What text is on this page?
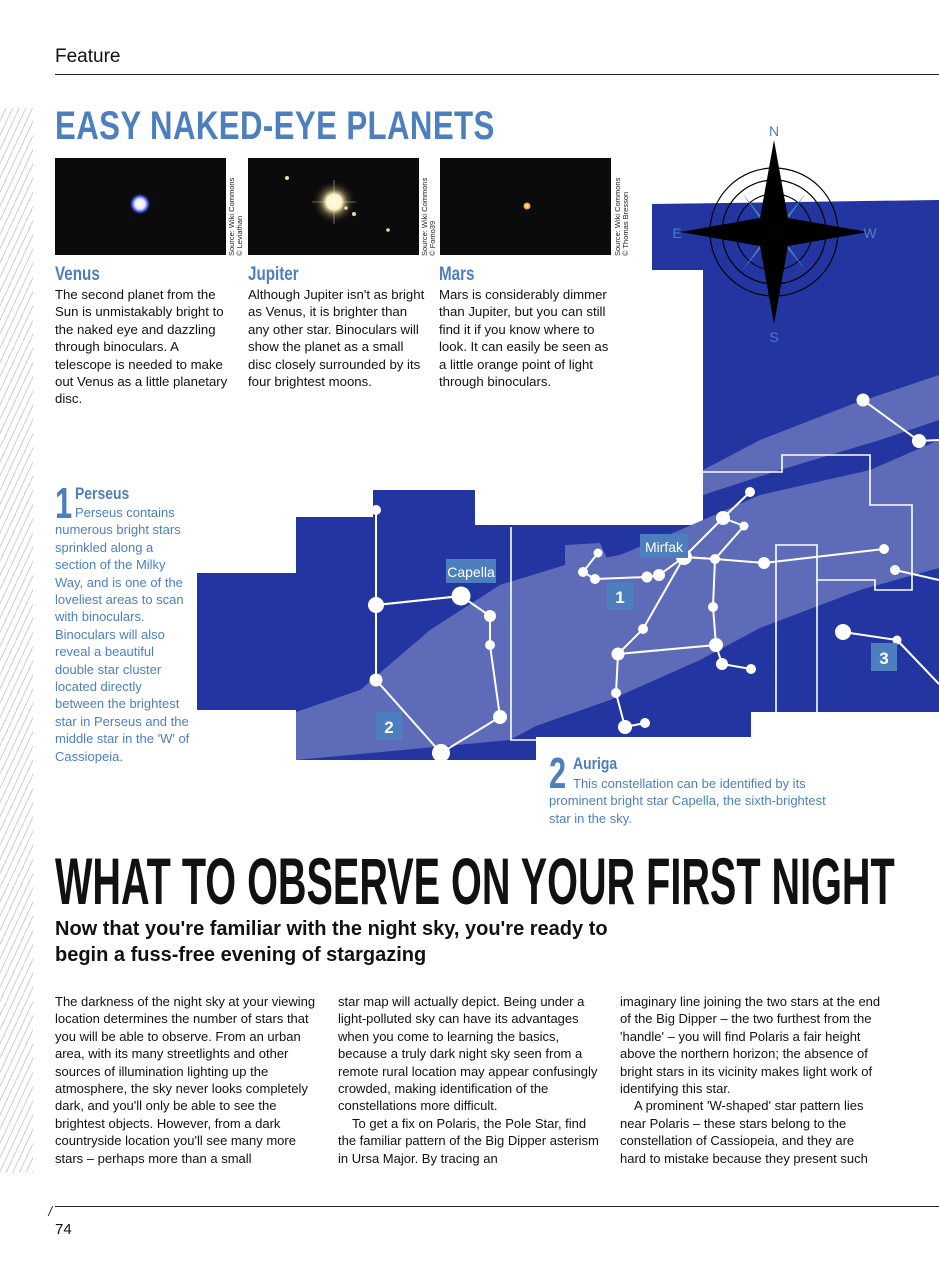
Feature
EASY NAKED-EYE PLANETS
Source: Wiki Commons
© Leviathan	Source: Wiki Commons
© Fomo39	Source: Wiki Commons
© Thomas Bresson
Venus
The second planet from the Sun is unmistakably bright to the naked eye and dazzling through binoculars. A telescope is needed to make out Venus as a little planetary disc.
Jupiter
Although Jupiter isn't as bright as Venus, it is brighter than any other star. Binoculars will show the planet as a small disc closely surrounded by its four brightest moons.
Mars
Mars is considerably dimmer than Jupiter, but you can still find it if you know where to look. It can easily be seen as a little orange point of light through binoculars.
Capella
Mirfak
1
2
3
N
S
E	W
1 Perseus
Perseus contains numerous bright stars sprinkled along a section of the Milky Way, and is one of the loveliest areas to scan with binoculars. Binoculars will also reveal a beautiful double star cluster located directly between the brightest star in Perseus and the middle star in the 'W' of Cassiopeia.	2 Auriga
This constellation can be identified by its prominent bright star Capella, the sixth-brightest star in the sky.
WHAT TO OBSERVE ON YOUR FIRST NIGHT
Now that you're familiar with the night sky, you're ready to begin a fuss-free evening of stargazing

The darkness of the night sky at your viewing location determines the number of stars that you will be able to observe. From an urban area, with its many streetlights and other sources of illumination lighting up the atmosphere, the sky never looks completely dark, and you'll only be able to see the brightest objects. However, from a dark countryside location you'll see many more stars – perhaps more than a small

star map will actually depict. Being under a light-polluted sky can have its advantages when you come to learning the basics, because a truly dark night sky seen from a remote rural location may appear confusingly crowded, making identification of the constellations more difficult.

To get a fix on Polaris, the Pole Star, find the familiar pattern of the Big Dipper asterism in Ursa Major. By tracing an

imaginary line joining the two stars at the end of the Big Dipper – the two furthest from the 'handle' – you will find Polaris a fair height above the northern horizon; the absence of bright stars in its vicinity makes light work of identifying this star.

A prominent 'W-shaped' star pattern lies near Polaris – these stars belong to the constellation of Cassiopeia, and they are hard to mistake because they present such

74
